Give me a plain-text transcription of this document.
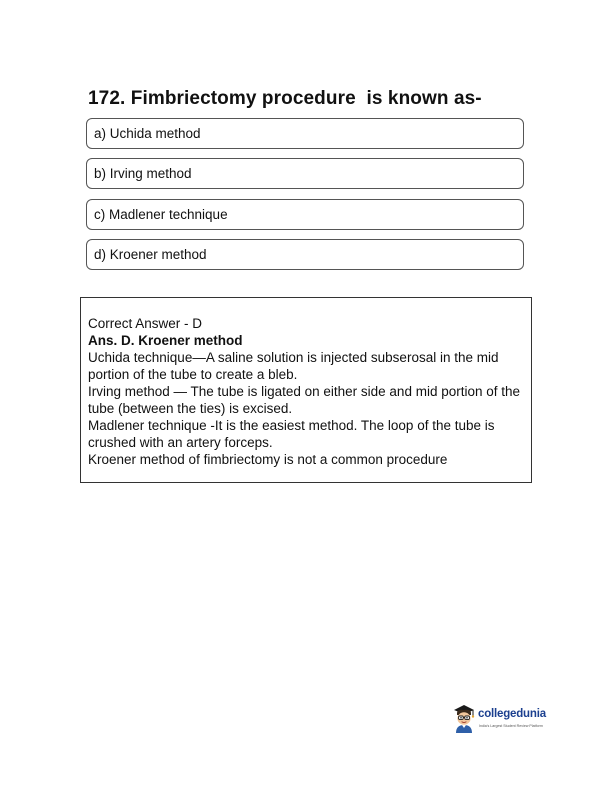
172. Fimbriectomy procedure  is known as-
a) Uchida method
b) Irving method
c) Madlener technique
d) Kroener method

Correct Answer - D

Ans. D. Kroener method

Uchida technique—A saline solution is injected subserosal in the mid portion of the tube to create a bleb.

Irving method — The tube is ligated on either side and mid portion of the tube (between the ties) is excised.

Madlener technique -It is the easiest method. The loop of the tube is crushed with an artery forceps.

Kroener method of fimbriectomy is not a common procedure

collegedunia
India's Largest Student Review Platform
